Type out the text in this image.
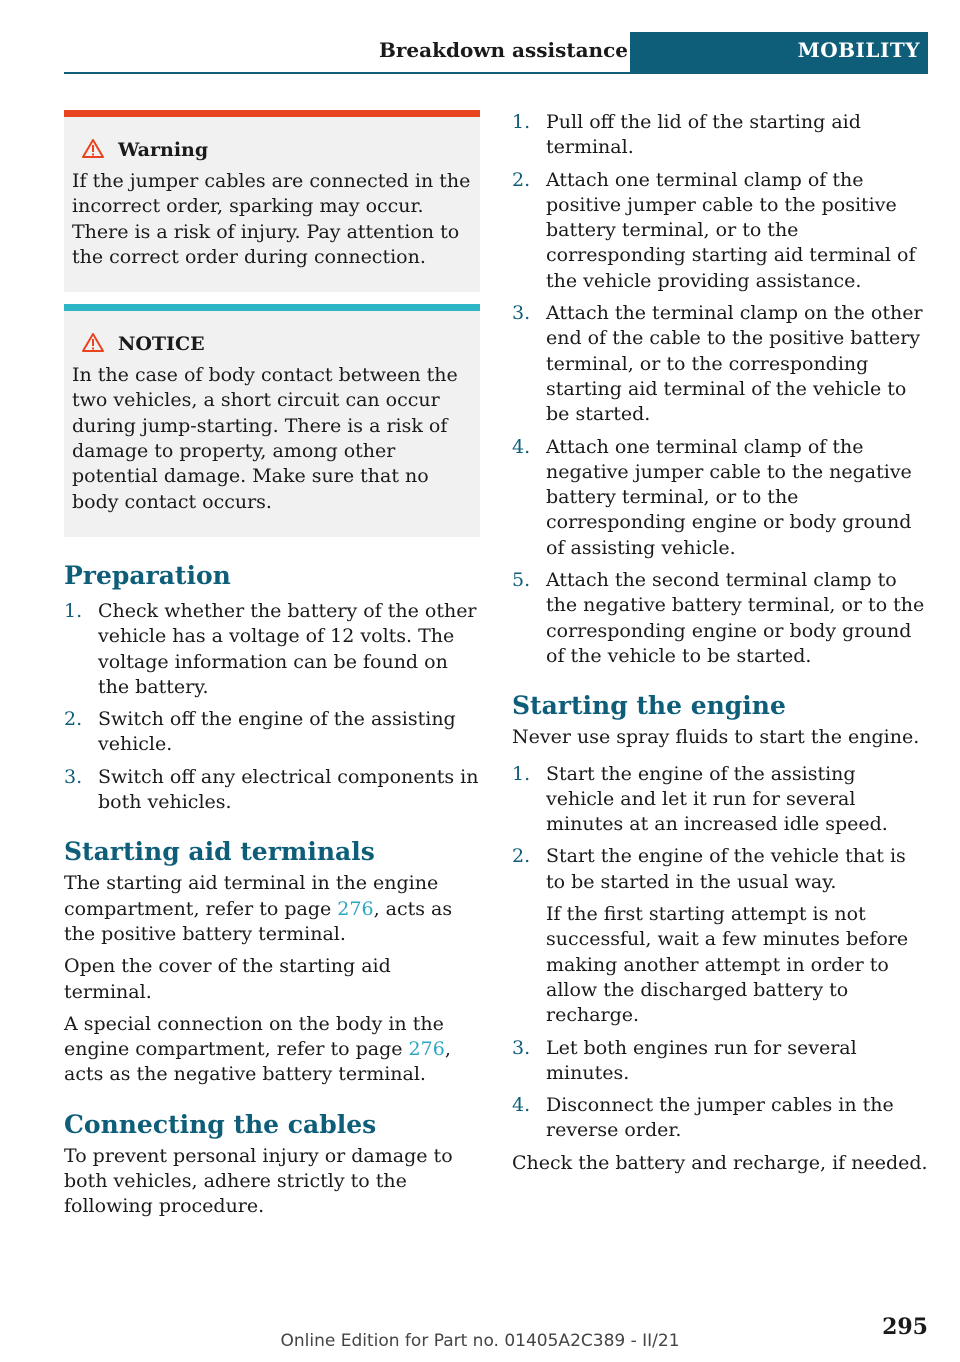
Breakdown assistance	MOBILITY
Warning
If the jumper cables are connected in the incorrect order, sparking may occur. There is a risk of injury. Pay attention to the correct order during connection.
NOTICE
In the case of body contact between the two vehicles, a short circuit can occur during jump-starting. There is a risk of damage to property, among other potential damage. Make sure that no body contact occurs.
Preparation
1. Check whether the battery of the other vehicle has a voltage of 12 volts. The voltage information can be found on the battery.
2. Switch off the engine of the assisting vehicle.
3. Switch off any electrical components in both vehicles.
Starting aid terminals

The starting aid terminal in the engine compartment, refer to page 276, acts as the positive battery terminal.

Open the cover of the starting aid terminal.

A special connection on the body in the engine compartment, refer to page 276, acts as the negative battery terminal.

Connecting the cables

To prevent personal injury or damage to both vehicles, adhere strictly to the following procedure.

1. Pull off the lid of the starting aid terminal.
2. Attach one terminal clamp of the positive jumper cable to the positive battery terminal, or to the corresponding starting aid terminal of the vehicle providing assistance.
3. Attach the terminal clamp on the other end of the cable to the positive battery terminal, or to the corresponding starting aid terminal of the vehicle to be started.
4. Attach one terminal clamp of the negative jumper cable to the negative battery terminal, or to the corresponding engine or body ground of assisting vehicle.
5. Attach the second terminal clamp to the negative battery terminal, or to the corresponding engine or body ground of the vehicle to be started.
Starting the engine

Never use spray fluids to start the engine.

1. Start the engine of the assisting vehicle and let it run for several minutes at an increased idle speed.
2. Start the engine of the vehicle that is to be started in the usual way.
If the first starting attempt is not successful, wait a few minutes before making another attempt in order to allow the discharged battery to recharge.
3. Let both engines run for several minutes.
4. Disconnect the jumper cables in the reverse order.

Check the battery and recharge, if needed.

295
Online Edition for Part no. 01405A2C389 - II/21
